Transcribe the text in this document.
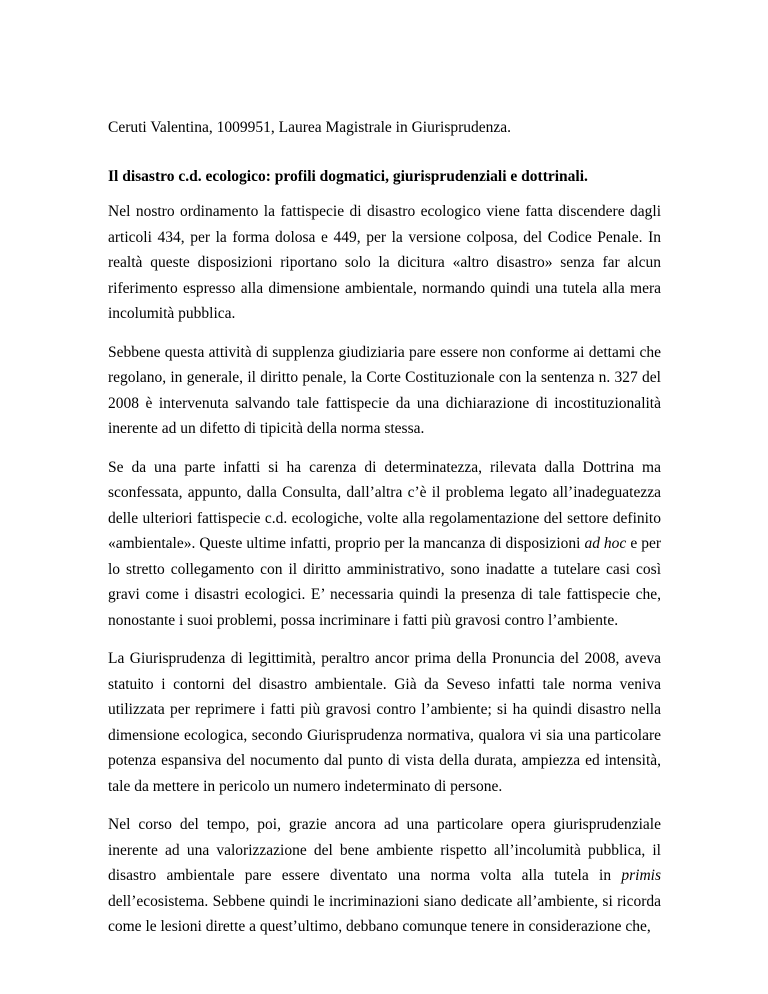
Ceruti Valentina, 1009951, Laurea Magistrale in Giurisprudenza.
Il disastro c.d. ecologico: profili dogmatici, giurisprudenziali e dottrinali.

Nel nostro ordinamento la fattispecie di disastro ecologico viene fatta discendere dagli articoli 434, per la forma dolosa e 449, per la versione colposa, del Codice Penale. In realtà queste disposizioni riportano solo la dicitura «altro disastro» senza far alcun riferimento espresso alla dimensione ambientale, normando quindi una tutela alla mera incolumità pubblica.

Sebbene questa attività di supplenza giudiziaria pare essere non conforme ai dettami che regolano, in generale, il diritto penale, la Corte Costituzionale con la sentenza n. 327 del 2008 è intervenuta salvando tale fattispecie da una dichiarazione di incostituzionalità inerente ad un difetto di tipicità della norma stessa.

Se da una parte infatti si ha carenza di determinatezza, rilevata dalla Dottrina ma sconfessata, appunto, dalla Consulta, dall’altra c’è il problema legato all’inadeguatezza delle ulteriori fattispecie c.d. ecologiche, volte alla regolamentazione del settore definito «ambientale». Queste ultime infatti, proprio per la mancanza di disposizioni ad hoc e per lo stretto collegamento con il diritto amministrativo, sono inadatte a tutelare casi così gravi come i disastri ecologici. E’ necessaria quindi la presenza di tale fattispecie che, nonostante i suoi problemi, possa incriminare i fatti più gravosi contro l’ambiente.

La Giurisprudenza di legittimità, peraltro ancor prima della Pronuncia del 2008, aveva statuito i contorni del disastro ambientale. Già da Seveso infatti tale norma veniva utilizzata per reprimere i fatti più gravosi contro l’ambiente; si ha quindi disastro nella dimensione ecologica, secondo Giurisprudenza normativa, qualora vi sia una particolare potenza espansiva del nocumento dal punto di vista della durata, ampiezza ed intensità, tale da mettere in pericolo un numero indeterminato di persone.

Nel corso del tempo, poi, grazie ancora ad una particolare opera giurisprudenziale inerente ad una valorizzazione del bene ambiente rispetto all’incolumità pubblica, il disastro ambientale pare essere diventato una norma volta alla tutela in primis dell’ecosistema. Sebbene quindi le incriminazioni siano dedicate all’ambiente, si ricorda come le lesioni dirette a quest’ultimo, debbano comunque tenere in considerazione che,
